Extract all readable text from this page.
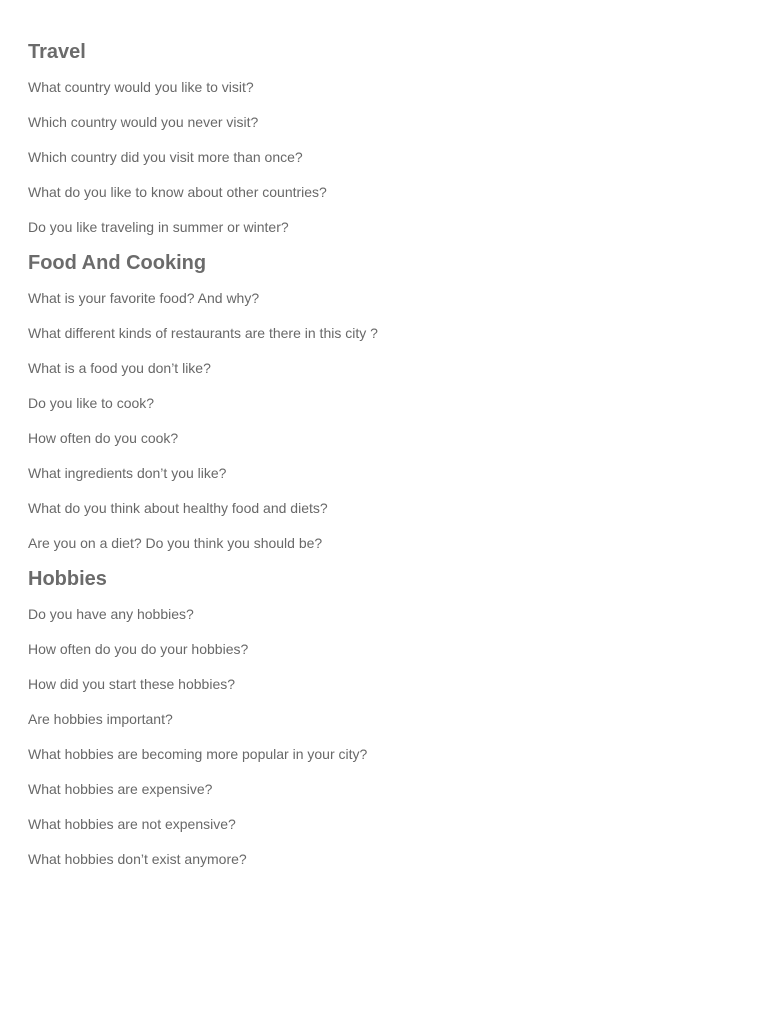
Travel
What country would you like to visit?
Which country would you never visit?
Which country did you visit more than once?
What do you like to know about other countries?
Do you like traveling in summer or winter?
Food And Cooking
What is your favorite food? And why?
What different kinds of restaurants are there in this city ?
What is a food you don’t like?
Do you like to cook?
How often do you cook?
What ingredients don’t you like?
What do you think about healthy food and diets?
Are you on a diet? Do you think you should be?
Hobbies
Do you have any hobbies?
How often do you do your hobbies?
How did you start these hobbies?
Are hobbies important?
What hobbies are becoming more popular in your city?
What hobbies are expensive?
What hobbies are not expensive?
What hobbies don’t exist anymore?
